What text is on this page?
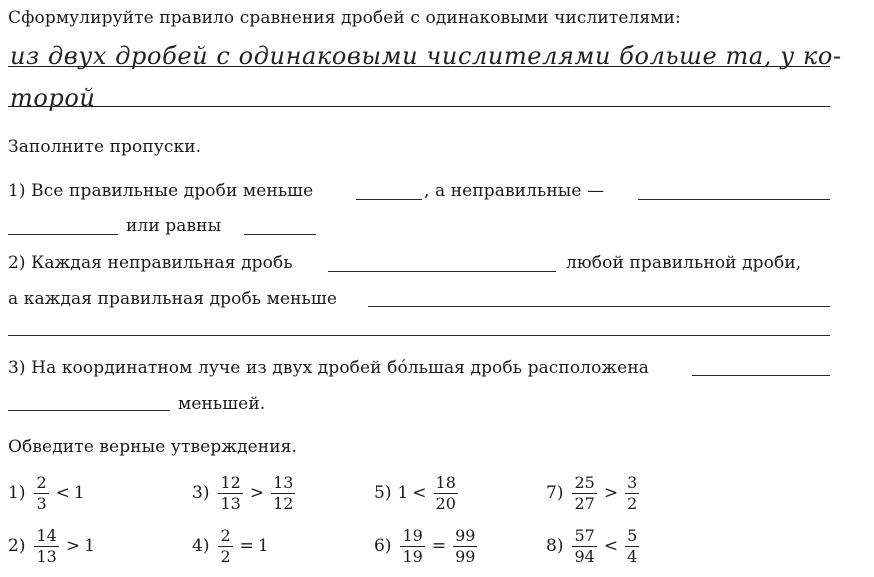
Сформулируйте правило сравнения дробей с одинаковыми числителями:
из двух дробей с одинаковыми числителями больше та, у ко-
торой
Заполните пропуски.
1) Все правильные дроби меньше	, а неправильные —
или равны
2) Каждая неправильная дробь	любой правильной дроби,
а каждая правильная дробь меньше
3) На координатном луче из двух дробей бóльшая дробь расположена
меньшей.
Обведите верные утверждения.
$1) \frac{2}{3} < 1$
$2) \frac{14}{13} > 1$
$3) \frac{12}{13} > \frac{13}{12}$
$4) \frac{2}{2} = 1$
5) $1 < \frac{18}{20}$
$6) \frac{19}{19} = \frac{99}{99}$
$7) \frac{25}{27} > \frac{3}{2}$
$8) \frac{57}{94} < \frac{5}{4}$
